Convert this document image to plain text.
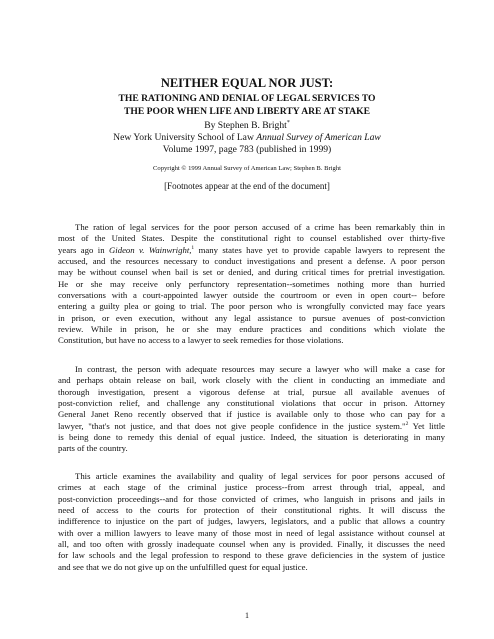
NEITHER EQUAL NOR JUST:
THE RATIONING AND DENIAL OF LEGAL SERVICES TO
THE POOR WHEN LIFE AND LIBERTY ARE AT STAKE
By Stephen B. Bright*
New York University School of Law Annual Survey of American Law
Volume 1997, page 783 (published in 1999)
Copyright © 1999 Annual Survey of American Law; Stephen B. Bright
[Footnotes appear at the end of the document]
The ration of legal services for the poor person accused of a crime has been remarkably thin in
most of the United States. Despite the constitutional right to counsel established over thirty-five
years ago in Gideon v. Wainwright,$^1$ many states have yet to provide capable lawyers to represent the
accused, and the resources necessary to conduct investigations and present a defense. A poor person
may be without counsel when bail is set or denied, and during critical times for pretrial investigation.
He or she may receive only perfunctory representation--sometimes nothing more than hurried
conversations with a court-appointed lawyer outside the courtroom or even in open court-- before
entering a guilty plea or going to trial. The poor person who is wrongfully convicted may face years
in prison, or even execution, without any legal assistance to pursue avenues of post-conviction
review. While in prison, he or she may endure practices and conditions which violate the
Constitution, but have no access to a lawyer to seek remedies for those violations.
In contrast, the person with adequate resources may secure a lawyer who will make a case for
and perhaps obtain release on bail, work closely with the client in conducting an immediate and
thorough investigation, present a vigorous defense at trial, pursue all available avenues of
post-conviction relief, and challenge any constitutional violations that occur in prison. Attorney
General Janet Reno recently observed that if justice is available only to those who can pay for a
lawyer, "that's not justice, and that does not give people confidence in the justice system."$^2$ Yet little
is being done to remedy this denial of equal justice. Indeed, the situation is deteriorating in many
parts of the country.
This article examines the availability and quality of legal services for poor persons accused of
crimes at each stage of the criminal justice process--from arrest through trial, appeal, and
post-conviction proceedings--and for those convicted of crimes, who languish in prisons and jails in
need of access to the courts for protection of their constitutional rights. It will discuss the
indifference to injustice on the part of judges, lawyers, legislators, and a public that allows a country
with over a million lawyers to leave many of those most in need of legal assistance without counsel at
all, and too often with grossly inadequate counsel when any is provided. Finally, it discusses the need
for law schools and the legal profession to respond to these grave deficiencies in the system of justice
and see that we do not give up on the unfulfilled quest for equal justice.
1
